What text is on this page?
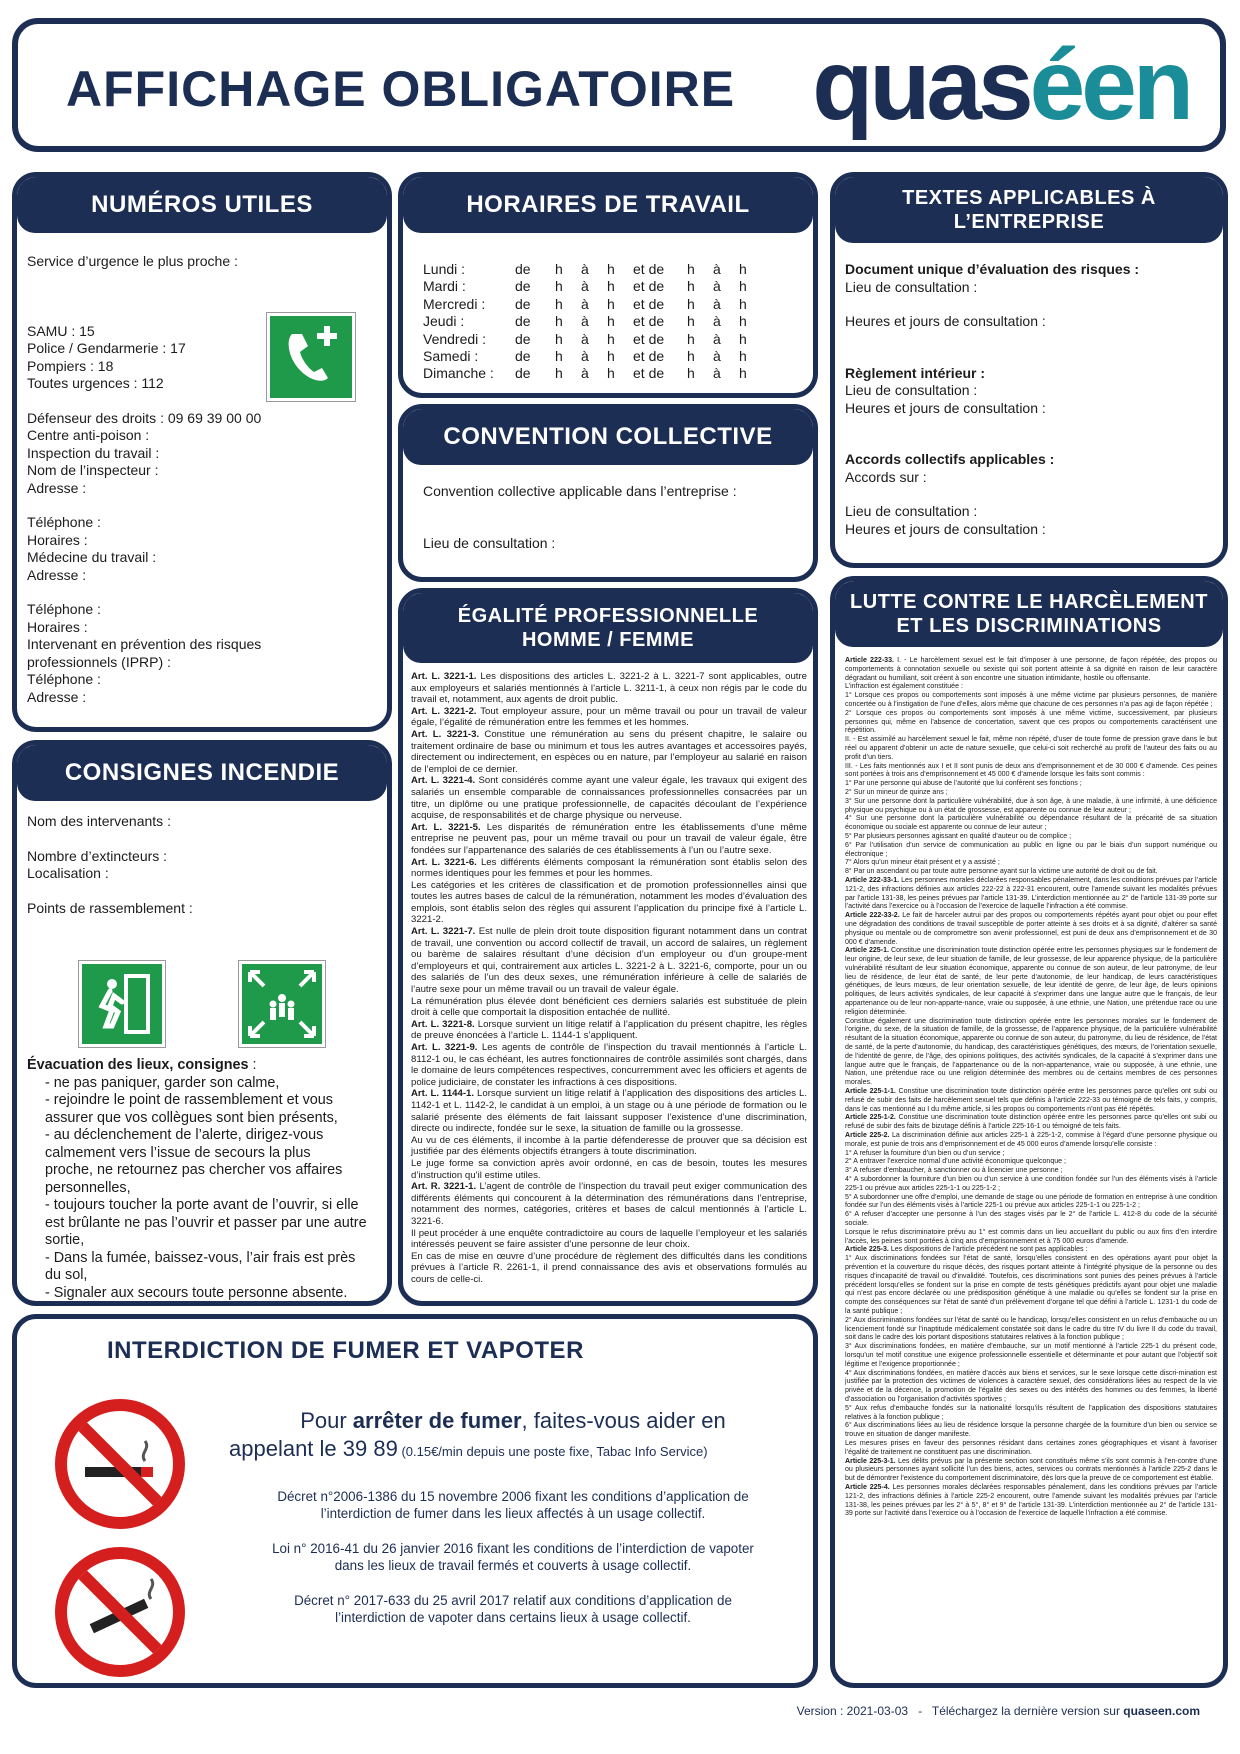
AFFICHAGE OBLIGATOIRE quaséen
NUMÉROS UTILES
Service d’urgence le plus proche :
SAMU : 15
Police / Gendarmerie : 17
Pompiers : 18
Toutes urgences : 112
Défenseur des droits : 09 69 39 00 00
Centre anti-poison :
Inspection du travail :
Nom de l’inspecteur :
Adresse :
Téléphone :
Horaires :
Médecine du travail :
Adresse :
Téléphone :
Horaires :
Intervenant en prévention des risques
professionnels (IPRP) :
Téléphone :
Adresse :
CONSIGNES INCENDIE
Nom des intervenants :
Nombre d’extincteurs :
Localisation :
Points de rassemblement :
Évacuation des lieux, consignes :
- ne pas paniquer, garder son calme,
- rejoindre le point de rassemblement et vous
assurer que vos collègues sont bien présents,
- au déclenchement de l’alerte, dirigez-vous
calmement vers l’issue de secours la plus
proche, ne retournez pas chercher vos affaires
personnelles,
- toujours toucher la porte avant de l’ouvrir, si elle
est brûlante ne pas l’ouvrir et passer par une autre
sortie,
- Dans la fumée, baissez-vous, l’air frais est près
du sol,
- Signaler aux secours toute personne absente.
HORAIRES DE TRAVAIL
Lundi :	de	h	à	h	et de	h	à	h
Mardi :	de	h	à	h	et de	h	à	h
Mercredi :	de	h	à	h	et de	h	à	h
Jeudi :	de	h	à	h	et de	h	à	h
Vendredi :	de	h	à	h	et de	h	à	h
Samedi :	de	h	à	h	et de	h	à	h
Dimanche :	de	h	à	h	et de	h	à	h
CONVENTION COLLECTIVE
Convention collective applicable dans l’entreprise :
Lieu de consultation :
ÉGALITÉ PROFESSIONNELLE
HOMME / FEMME

Art. L. 3221-1. Les dispositions des articles L. 3221-2 à L. 3221-7 sont applicables, outre aux employeurs et salariés mentionnés à l’article L. 3211-1, à ceux non régis par le code du travail et, notamment, aux agents de droit public.

Art. L. 3221-2. Tout employeur assure, pour un même travail ou pour un travail de valeur égale, l’égalité de rémunération entre les femmes et les hommes.

Art. L. 3221-3. Constitue une rémunération au sens du présent chapitre, le salaire ou traitement ordinaire de base ou minimum et tous les autres avantages et accessoires payés, directement ou indirectement, en espèces ou en nature, par l’employeur au salarié en raison de l’emploi de ce dernier.

Art. L. 3221-4. Sont considérés comme ayant une valeur égale, les travaux qui exigent des salariés un ensemble comparable de connaissances professionnelles consacrées par un titre, un diplôme ou une pratique professionnelle, de capacités découlant de l’expérience acquise, de responsabilités et de charge physique ou nerveuse.

Art. L. 3221-5. Les disparités de rémunération entre les établissements d’une même entreprise ne peuvent pas, pour un même travail ou pour un travail de valeur égale, être fondées sur l’appartenance des salariés de ces établissements à l’un ou l’autre sexe.

Art. L. 3221-6. Les différents éléments composant la rémunération sont établis selon des normes identiques pour les femmes et pour les hommes.

Les catégories et les critères de classification et de promotion professionnelles ainsi que toutes les autres bases de calcul de la rémunération, notamment les modes d’évaluation des emplois, sont établis selon des règles qui assurent l’application du principe fixé à l’article L. 3221-2.

Art. L. 3221-7. Est nulle de plein droit toute disposition figurant notamment dans un contrat de travail, une convention ou accord collectif de travail, un accord de salaires, un règlement ou barème de salaires résultant d’une décision d’un employeur ou d’un groupe-ment d’employeurs et qui, contrairement aux articles L. 3221-2 à L. 3221-6, comporte, pour un ou des salariés de l’un des deux sexes, une rémunération inférieure à celle de salariés de l’autre sexe pour un même travail ou un travail de valeur égale.

La rémunération plus élevée dont bénéficient ces derniers salariés est substituée de plein droit à celle que comportait la disposition entachée de nullité.

Art. L. 3221-8. Lorsque survient un litige relatif à l’application du présent chapitre, les règles de preuve énoncées à l’article L. 1144-1 s’appliquent.

Art. L. 3221-9. Les agents de contrôle de l’inspection du travail mentionnés à l’article L. 8112-1 ou, le cas échéant, les autres fonctionnaires de contrôle assimilés sont chargés, dans le domaine de leurs compétences respectives, concurremment avec les officiers et agents de police judiciaire, de constater les infractions à ces dispositions.

Art. L. 1144-1. Lorsque survient un litige relatif à l’application des dispositions des articles L. 1142-1 et L. 1142-2, le candidat à un emploi, à un stage ou à une période de formation ou le salarié présente des éléments de fait laissant supposer l’existence d’une discrimination, directe ou indirecte, fondée sur le sexe, la situation de famille ou la grossesse.

Au vu de ces éléments, il incombe à la partie défenderesse de prouver que sa décision est justifiée par des éléments objectifs étrangers à toute discrimination.

Le juge forme sa conviction après avoir ordonné, en cas de besoin, toutes les mesures d’instruction qu’il estime utiles.

Art. R. 3221-1. L’agent de contrôle de l’inspection du travail peut exiger communication des différents éléments qui concourent à la détermination des rémunérations dans l’entreprise, notamment des normes, catégories, critères et bases de calcul mentionnés à l’article L. 3221-6.

Il peut procéder à une enquête contradictoire au cours de laquelle l’employeur et les salariés intéressés peuvent se faire assister d’une personne de leur choix.

En cas de mise en œuvre d’une procédure de règlement des difficultés dans les conditions prévues à l’article R. 2261-1, il prend connaissance des avis et observations formulés au cours de celle-ci.

TEXTES APPLICABLES À
L’ENTREPRISE
Document unique d’évaluation des risques :
Lieu de consultation :
Heures et jours de consultation :
Règlement intérieur :
Lieu de consultation :
Heures et jours de consultation :
Accords collectifs applicables :
Accords sur :
Lieu de consultation :
Heures et jours de consultation :
LUTTE CONTRE LE HARCÈLEMENT
ET LES DISCRIMINATIONS

Article 222-33. I. - Le harcèlement sexuel est le fait d’imposer à une personne, de façon répétée, des propos ou comportements à connotation sexuelle ou sexiste qui soit portent atteinte à sa dignité en raison de leur caractère dégradant ou humiliant, soit créent à son encontre une situation intimidante, hostile ou offensante.

L’infraction est également constituée :

1° Lorsque ces propos ou comportements sont imposés à une même victime par plusieurs personnes, de manière concertée ou à l’instigation de l’une d’elles, alors même que chacune de ces personnes n’a pas agi de façon répétée ;

2° Lorsque ces propos ou comportements sont imposés à une même victime, successivement, par plusieurs personnes qui, même en l’absence de concertation, savent que ces propos ou comportements caractérisent une répétition.

II. - Est assimilé au harcèlement sexuel le fait, même non répété, d’user de toute forme de pression grave dans le but réel ou apparent d’obtenir un acte de nature sexuelle, que celui-ci soit recherché au profit de l’auteur des faits ou au profit d’un tiers.

III. - Les faits mentionnés aux I et II sont punis de deux ans d’emprisonnement et de 30 000 € d’amende. Ces peines sont portées à trois ans d’emprisonnement et 45 000 € d’amende lorsque les faits sont commis :

1° Par une personne qui abuse de l’autorité que lui confèrent ses fonctions ;

2° Sur un mineur de quinze ans ;

3° Sur une personne dont la particulière vulnérabilité, due à son âge, à une maladie, à une infirmité, à une déficience physique ou psychique ou à un état de grossesse, est apparente ou connue de leur auteur ;

4° Sur une personne dont la particulière vulnérabilité ou dépendance résultant de la précarité de sa situation économique ou sociale est apparente ou connue de leur auteur ;

5° Par plusieurs personnes agissant en qualité d’auteur ou de complice ;

6° Par l’utilisation d’un service de communication au public en ligne ou par le biais d’un support numérique ou électronique ;

7° Alors qu’un mineur était présent et y a assisté ;

8° Par un ascendant ou par toute autre personne ayant sur la victime une autorité de droit ou de fait.

Article 222-33-1. Les personnes morales déclarées responsables pénalement, dans les conditions prévues par l’article 121-2, des infractions définies aux articles 222-22 à 222-31 encourent, outre l’amende suivant les modalités prévues par l’article 131-38, les peines prévues par l’article 131-39. L’interdiction mentionnée au 2° de l’article 131-39 porte sur l’activité dans l’exercice ou à l’occasion de l’exercice de laquelle l’infraction a été commise.

Article 222-33-2. Le fait de harceler autrui par des propos ou comportements répétés ayant pour objet ou pour effet une dégradation des conditions de travail susceptible de porter atteinte à ses droits et à sa dignité, d’altérer sa santé physique ou mentale ou de compromettre son avenir professionnel, est puni de deux ans d’emprisonnement et de 30 000 € d’amende.

Article 225-1. Constitue une discrimination toute distinction opérée entre les personnes physiques sur le fondement de leur origine, de leur sexe, de leur situation de famille, de leur grossesse, de leur apparence physique, de la particulière vulnérabilité résultant de leur situation économique, apparente ou connue de son auteur, de leur patronyme, de leur lieu de résidence, de leur état de santé, de leur perte d’autonomie, de leur handicap, de leurs caractéristiques génétiques, de leurs mœurs, de leur orientation sexuelle, de leur identité de genre, de leur âge, de leurs opinions politiques, de leurs activités syndicales, de leur capacité à s’exprimer dans une langue autre que le français, de leur appartenance ou de leur non-apparte-nance, vraie ou supposée, à une ethnie, une Nation, une prétendue race ou une religion déterminée.

Constitue également une discrimination toute distinction opérée entre les personnes morales sur le fondement de l’origine, du sexe, de la situation de famille, de la grossesse, de l’apparence physique, de la particulière vulnérabilité résultant de la situation économique, apparente ou connue de son auteur, du patronyme, du lieu de résidence, de l’état de santé, de la perte d’autonomie, du handicap, des caractéristiques génétiques, des mœurs, de l’orientation sexuelle, de l’identité de genre, de l’âge, des opinions politiques, des activités syndicales, de la capacité à s’exprimer dans une langue autre que le français, de l’appartenance ou de la non-appartenance, vraie ou supposée, à une ethnie, une Nation, une prétendue race ou une religion déterminée des membres ou de certains membres de ces personnes morales.

Article 225-1-1. Constitue une discrimination toute distinction opérée entre les personnes parce qu’elles ont subi ou refusé de subir des faits de harcèlement sexuel tels que définis à l’article 222-33 ou témoigné de tels faits, y compris, dans le cas mentionné au I du même article, si les propos ou comportements n’ont pas été répétés.

Article 225-1-2. Constitue une discrimination toute distinction opérée entre les personnes parce qu’elles ont subi ou refusé de subir des faits de bizutage définis à l’article 225-16-1 ou témoigné de tels faits.

Article 225-2. La discrimination définie aux articles 225-1 à 225-1-2, commise à l’égard d’une personne physique ou morale, est punie de trois ans d’emprisonnement et de 45 000 euros d’amende lorsqu’elle consiste :

1° A refuser la fourniture d’un bien ou d’un service ;

2° A entraver l’exercice normal d’une activité économique quelconque ;

3° A refuser d’embaucher, à sanctionner ou à licencier une personne ;

4° A subordonner la fourniture d’un bien ou d’un service à une condition fondée sur l’un des éléments visés à l’article 225-1 ou prévue aux articles 225-1-1 ou 225-1-2 ;

5° A subordonner une offre d’emploi, une demande de stage ou une période de formation en entreprise à une condition fondée sur l’un des éléments visés à l’article 225-1 ou prévue aux articles 225-1-1 ou 225-1-2 ;

6° A refuser d’accepter une personne à l’un des stages visés par le 2° de l’article L. 412-8 du code de la sécurité sociale.

Lorsque le refus discriminatoire prévu au 1° est commis dans un lieu accueillant du public ou aux fins d’en interdire l’accès, les peines sont portées à cinq ans d’emprisonnement et à 75 000 euros d’amende.

Article 225-3. Les dispositions de l’article précédent ne sont pas applicables :

1° Aux discriminations fondées sur l’état de santé, lorsqu’elles consistent en des opérations ayant pour objet la prévention et la couverture du risque décès, des risques portant atteinte à l’intégrité physique de la personne ou des risques d’incapacité de travail ou d’invalidité. Toutefois, ces discriminations sont punies des peines prévues à l’article précédent lorsqu’elles se fondent sur la prise en compte de tests génétiques prédictifs ayant pour objet une maladie qui n’est pas encore déclarée ou une prédisposition génétique à une maladie ou qu’elles se fondent sur la prise en compte des conséquences sur l’état de santé d’un prélèvement d’organe tel que défini à l’article L. 1231-1 du code de la santé publique ;

2° Aux discriminations fondées sur l’état de santé ou le handicap, lorsqu’elles consistent en un refus d’embauche ou un licenciement fondé sur l’inaptitude médicalement constatée soit dans le cadre du titre IV du livre II du code du travail, soit dans le cadre des lois portant dispositions statutaires relatives à la fonction publique ;

3° Aux discriminations fondées, en matière d’embauche, sur un motif mentionné à l’article 225-1 du présent code, lorsqu’un tel motif constitue une exigence professionnelle essentielle et déterminante et pour autant que l’objectif soit légitime et l’exigence proportionnée ;

4° Aux discriminations fondées, en matière d’accès aux biens et services, sur le sexe lorsque cette discri-mination est justifiée par la protection des victimes de violences à caractère sexuel, des considérations liées au respect de la vie privée et de la décence, la promotion de l’égalité des sexes ou des intérêts des hommes ou des femmes, la liberté d’association ou l’organisation d’activités sportives ;

5° Aux refus d’embauche fondés sur la nationalité lorsqu’ils résultent de l’application des dispositions statutaires relatives à la fonction publique ;

6° Aux discriminations liées au lieu de résidence lorsque la personne chargée de la fourniture d’un bien ou service se trouve en situation de danger manifeste.

Les mesures prises en faveur des personnes résidant dans certaines zones géographiques et visant à favoriser l’égalité de traitement ne constituent pas une discrimination.

Article 225-3-1. Les délits prévus par la présente section sont constitués même s’ils sont commis à l’en-contre d’une ou plusieurs personnes ayant sollicité l’un des biens, actes, services ou contrats mentionnés à l’article 225-2 dans le but de démontrer l’existence du comportement discriminatoire, dès lors que la preuve de ce comportement est établie.

Article 225-4. Les personnes morales déclarées responsables pénalement, dans les conditions prévues par l’article 121-2, des infractions définies à l’article 225-2 encourent, outre l’amende suivant les modalités prévues par l’article 131-38, les peines prévues par les 2° à 5°, 8° et 9° de l’article 131-39. L’interdiction mentionnée au 2° de l’article 131-39 porte sur l’activité dans l’exercice ou à l’occasion de l’exercice de laquelle l’infraction a été commise.

INTERDICTION DE FUMER ET VAPOTER
Pour arrêter de fumer, faites-vous aider en
appelant le 39 89 (0.15€/min depuis une poste fixe, Tabac Info Service)
Décret n°2006-1386 du 15 novembre 2006 fixant les conditions d’application de
l’interdiction de fumer dans les lieux affectés à un usage collectif.
Loi n° 2016-41 du 26 janvier 2016 fixant les conditions de l’interdiction de vapoter
dans les lieux de travail fermés et couverts à usage collectif.
Décret n° 2017-633 du 25 avril 2017 relatif aux conditions d’application de
l’interdiction de vapoter dans certains lieux à usage collectif.
Version : 2021-03-03 - Téléchargez la dernière version sur quaseen.com
